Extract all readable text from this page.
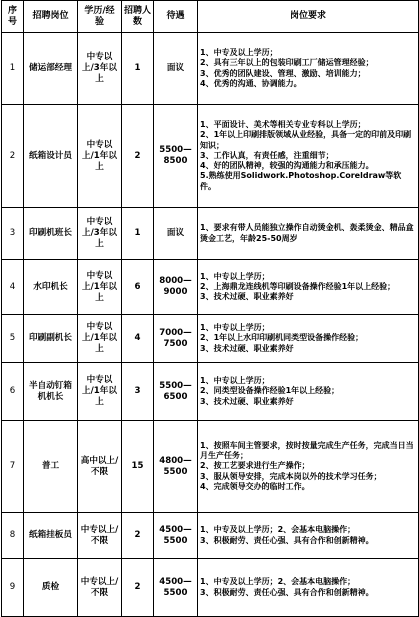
序号	招聘岗位	学历/经验	招聘人数	待遇	岗位要求
1	储运部经理	中专以上/3年以上	1	面议	1、中专及以上学历；
2、具有三年以上的包装印刷工厂储运管理经验；
3、优秀的团队建设、管理、激励、培训能力；
4、优秀的沟通、协调能力。

2	纸箱设计员	中专以上/1年以上	2	5500—8500	1、平面设计、美术等相关专业专科以上学历；
2、1年以上印刷排版领域从业经验，具备一定的印前及印刷知识；
3、工作认真，有责任感，注重细节；
4、好的团队精神，较强的沟通能力和承压能力。
5.熟练使用Solidwork.Photoshop.Coreldraw等软件。

3	印刷机班长	中专以上/3年以上	1	面议	1、要求有带人员能独立操作自动烫金机、轰柔烫金、精品盒烫金工艺，年龄25-50周岁

4	水印机长	中专以上/1年以上	6	8000—9000	1、中专以上学历；
2、上海鼎龙连线机等印刷设备操作经验1年以上经验；
3、技术过硬、职业素养好

5	印刷副机长	中专以上/1年以上	4	7000—7500	1、中专以上学历；
2、1年以上水印印刷机同类型设备操作经验；
3、技术过硬、职业素养好

6	半自动钉箱机机长	中专以上/1年以上	3	5500—6500	1、中专以上学历；
2、同类型设备操作经验1年以上经验；
3、技术过硬、职业素养好

7	普工	高中以上/不限	15	4800—5500	1、按照车间主管要求，按时按量完成生产任务，完成当日当月生产任务；
2、按工艺要求进行生产操作；
3、服从领导安排，完成本岗以外的技术学习任务；
4、完成领导交办的临时工作。

8	纸箱挂板员	中专以上/不限	2	4500—5500	1、中专及以上学历；2、会基本电脑操作；
3、积极耐劳、责任心强、具有合作和创新精神。

9	质检	中专以上/不限	2	4500—5500	1、中专及以上学历；2、会基本电脑操作；
3、积极耐劳、责任心强、具有合作和创新精神。
